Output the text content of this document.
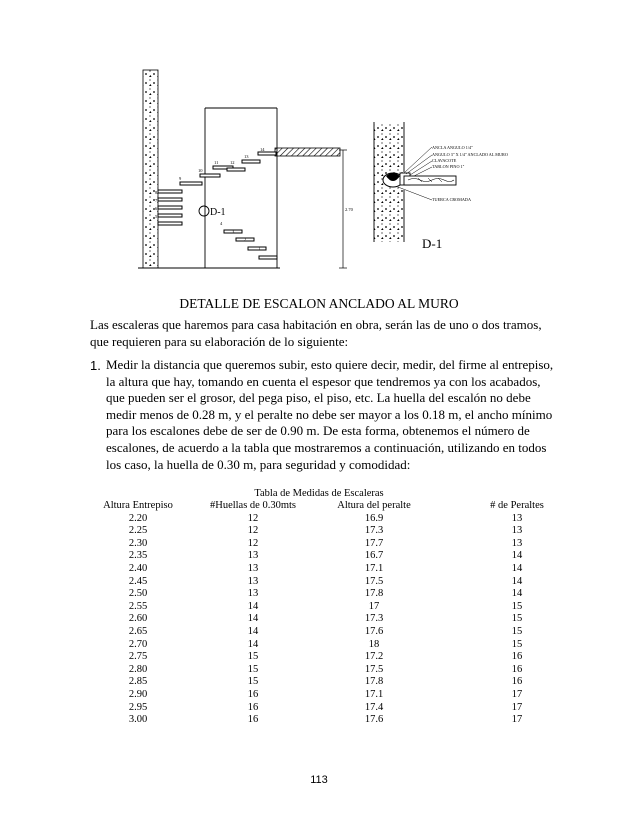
1
2
3
4
5
6
7
8
9
10
11	12
13
14
D-1	2.70
ANCLA ANGULO 1/4"
ANGULO 3" X 1/4" ANCLADO AL MURO
CLAVACOTE
TABLON PINO 1"
TUERCA CROMADA
D-1
DETALLE DE ESCALON ANCLADO AL MURO
Las escaleras que haremos para casa habitación en obra, serán las de uno o dos tramos, que requieren para su elaboración de lo siguiente:
1. Medir la distancia que queremos subir, esto quiere decir, medir, del firme al entrepiso, la altura que hay, tomando en cuenta el espesor que tendremos ya con los acabados, que pueden ser el grosor, del pega piso, el piso, etc. La huella del escalón no debe medir menos de 0.28 m, y el peralte no debe ser mayor a los 0.18 m, el ancho mínimo para los escalones debe de ser de 0.90 m. De esta forma, obtenemos el número de escalones, de acuerdo a la tabla que mostraremos a continuación, utilizando en todos los caso, la huella de 0.30 m, para seguridad y comodidad:
Tabla de Medidas de Escaleras
Altura Entrepiso	#Huellas de 0.30mts	Altura del peralte	# de Peraltes
2.20	12	16.9	13
2.25	12	17.3	13
2.30	12	17.7	13
2.35	13	16.7	14
2.40	13	17.1	14
2.45	13	17.5	14
2.50	13	17.8	14
2.55	14	17	15
2.60	14	17.3	15
2.65	14	17.6	15
2.70	14	18	15
2.75	15	17.2	16
2.80	15	17.5	16
2.85	15	17.8	16
2.90	16	17.1	17
2.95	16	17.4	17
3.00	16	17.6	17
113
